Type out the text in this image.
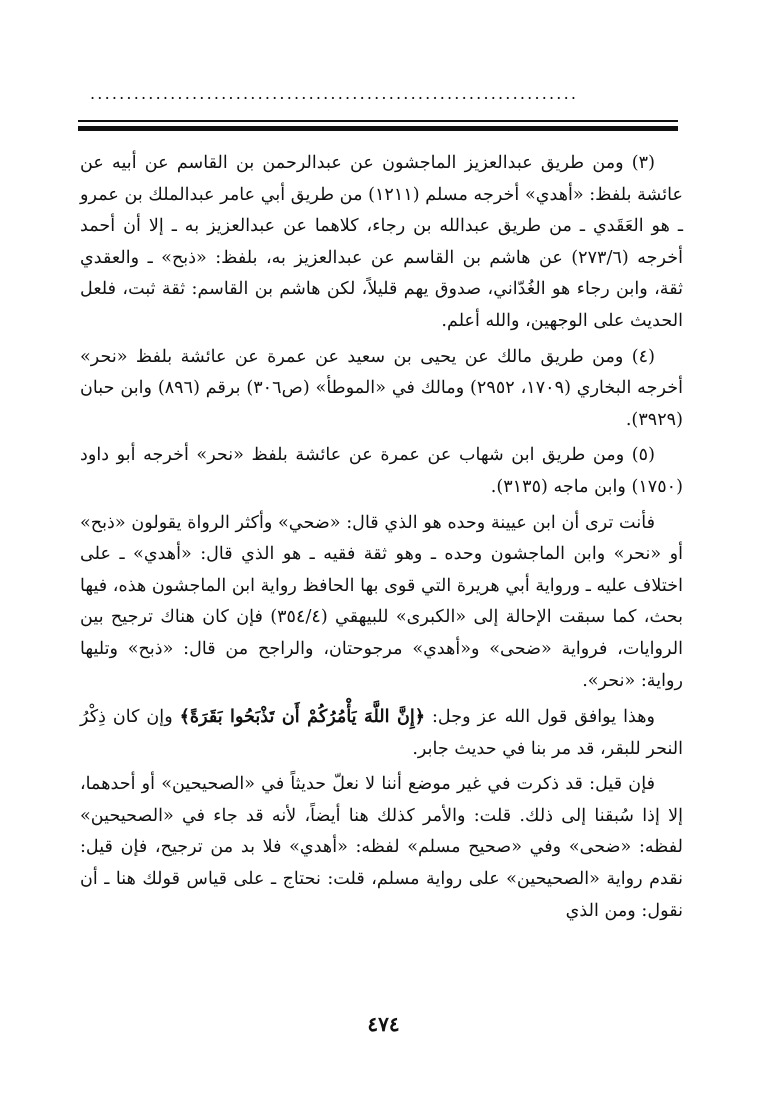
...................................................................

(٣) ومن طريق عبدالعزيز الماجشون عن عبدالرحمن بن القاسم عن أبيه عن عائشة بلفظ: «أهدي» أخرجه مسلم (١٢١١) من طريق أبي عامر عبدالملك بن عمرو ـ هو العَقَدي ـ من طريق عبدالله بن رجاء، كلاهما عن عبدالعزيز به ـ إلا أن أحمد أخرجه (٢٧٣/٦) عن هاشم بن القاسم عن عبدالعزيز به، بلفظ: «ذبح» ـ والعقدي ثقة، وابن رجاء هو الغُدّاني، صدوق يهم قليلاً، لكن هاشم بن القاسم: ثقة ثبت، فلعل الحديث على الوجهين، والله أعلم.

(٤) ومن طريق مالك عن يحيى بن سعيد عن عمرة عن عائشة بلفظ «نحر» أخرجه البخاري (١٧٠٩، ٢٩٥٢) ومالك في «الموطأ» (ص٣٠٦) برقم (٨٩٦) وابن حبان (٣٩٢٩).

(٥) ومن طريق ابن شهاب عن عمرة عن عائشة بلفظ «نحر» أخرجه أبو داود (١٧٥٠) وابن ماجه (٣١٣٥).

فأنت ترى أن ابن عيينة وحده هو الذي قال: «ضحي» وأكثر الرواة يقولون «ذبح» أو «نحر» وابن الماجشون وحده ـ وهو ثقة فقيه ـ هو الذي قال: «أهدي» ـ على اختلاف عليه ـ ورواية أبي هريرة التي قوى بها الحافظ رواية ابن الماجشون هذه، فيها بحث، كما سبقت الإحالة إلى «الكبرى» للبيهقي (٣٥٤/٤) فإن كان هناك ترجيح بين الروايات، فرواية «ضحى» و«أهدي» مرجوحتان، والراجح من قال: «ذبح» وتليها رواية: «نحر».

وهذا يوافق قول الله عز وجل: ﴿إِنَّ اللَّهَ يَأْمُرُكُمْ أَن تَذْبَحُوا بَقَرَةً﴾ وإن كان ذِكْرُ النحر للبقر، قد مر بنا في حديث جابر.

فإن قيل: قد ذكرت في غير موضع أننا لا نعلّ حديثاً في «الصحيحين» أو أحدهما، إلا إذا سُبقنا إلى ذلك. قلت: والأمر كذلك هنا أيضاً، لأنه قد جاء في «الصحيحين» لفظه: «ضحى» وفي «صحيح مسلم» لفظه: «أهدي» فلا بد من ترجيح، فإن قيل: نقدم رواية «الصحيحين» على رواية مسلم، قلت: نحتاج ـ على قياس قولك هنا ـ أن نقول: ومن الذي

٤٧٤
